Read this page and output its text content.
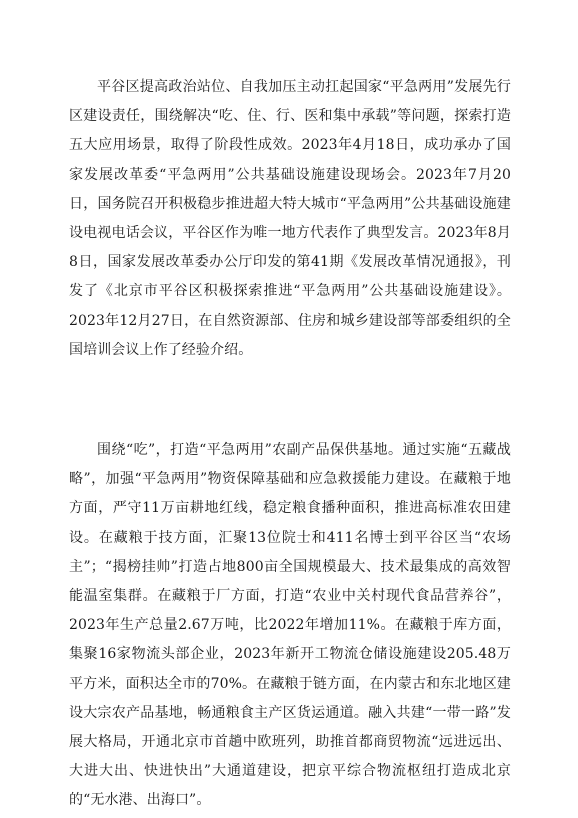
平谷区提高政治站位、自我加压主动扛起国家“平急两用”发展先行区建设责任，围绕解决“吃、住、行、医和集中承载”等问题，探索打造五大应用场景，取得了阶段性成效。2023年4月18日，成功承办了国家发展改革委“平急两用”公共基础设施建设现场会。2023年7月20日，国务院召开积极稳步推进超大特大城市“平急两用”公共基础设施建设电视电话会议，平谷区作为唯一地方代表作了典型发言。2023年8月8日，国家发展改革委办公厅印发的第41期《发展改革情况通报》，刊发了《北京市平谷区积极探索推进“平急两用”公共基础设施建设》。2023年12月27日，在自然资源部、住房和城乡建设部等部委组织的全国培训会议上作了经验介绍。

围绕“吃”，打造“平急两用”农副产品保供基地。通过实施“五藏战略”，加强“平急两用”物资保障基础和应急救援能力建设。在藏粮于地方面，严守11万亩耕地红线，稳定粮食播种面积，推进高标准农田建设。在藏粮于技方面，汇聚13位院士和411名博士到平谷区当“农场主”；“揭榜挂帅”打造占地800亩全国规模最大、技术最集成的高效智能温室集群。在藏粮于厂方面，打造“农业中关村现代食品营养谷”，2023年生产总量2.67万吨，比2022年增加11%。在藏粮于库方面，集聚16家物流头部企业，2023年新开工物流仓储设施建设205.48万平方米，面积达全市的70%。在藏粮于链方面，在内蒙古和东北地区建设大宗农产品基地，畅通粮食主产区货运通道。融入共建“一带一路”发展大格局，开通北京市首趟中欧班列，助推首都商贸物流“远进远出、大进大出、快进快出”大通道建设，把京平综合物流枢纽打造成北京的“无水港、出海口”。
